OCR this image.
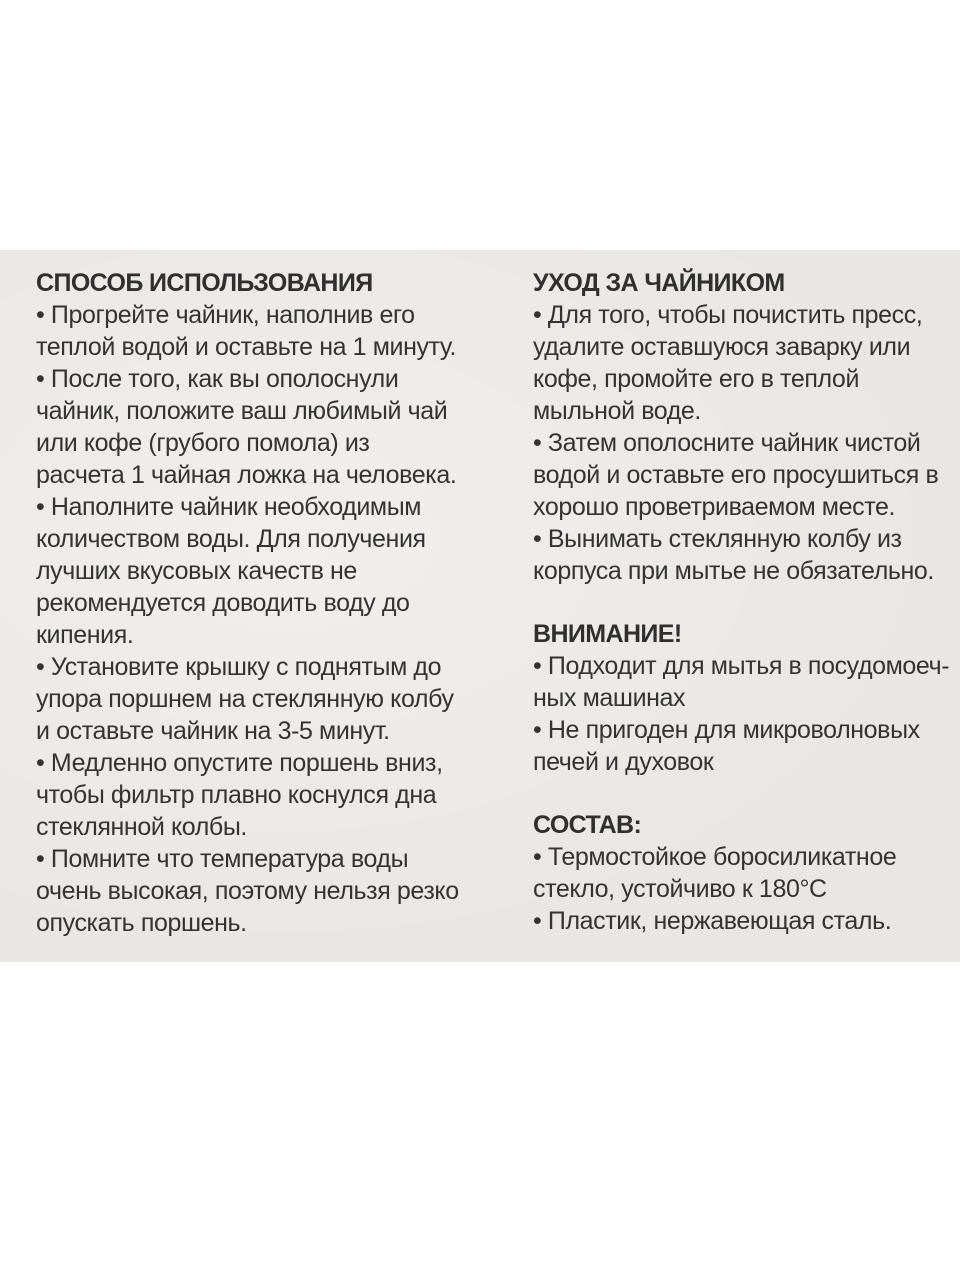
СПОСОБ ИСПОЛЬЗОВАНИЯ
• Прогрейте чайник, наполнив его
теплой водой и оставьте на 1 минуту.
• После того, как вы ополоснули
чайник, положите ваш любимый чай
или кофе (грубого помола) из
расчета 1 чайная ложка на человека.
• Наполните чайник необходимым
количеством воды. Для получения
лучших вкусовых качеств не
рекомендуется доводить воду до
кипения.
• Установите крышку с поднятым до
упора поршнем на стеклянную колбу
и оставьте чайник на 3-5 минут.
• Медленно опустите поршень вниз,
чтобы фильтр плавно коснулся дна
стеклянной колбы.
• Помните что температура воды
очень высокая, поэтому нельзя резко
опускать поршень.
УХОД ЗА ЧАЙНИКОМ
• Для того, чтобы почистить пресс,
удалите оставшуюся заварку или
кофе, промойте его в теплой
мыльной воде.
• Затем ополосните чайник чистой
водой и оставьте его просушиться в
хорошо проветриваемом месте.
• Вынимать стеклянную колбу из
корпуса при мытье не обязательно.
ВНИМАНИЕ!
• Подходит для мытья в посудомоеч-
ных машинах
• Не пригоден для микроволновых
печей и духовок
СОСТАВ:
• Термостойкое боросиликатное
стекло, устойчиво к 180°C
• Пластик, нержавеющая сталь.
